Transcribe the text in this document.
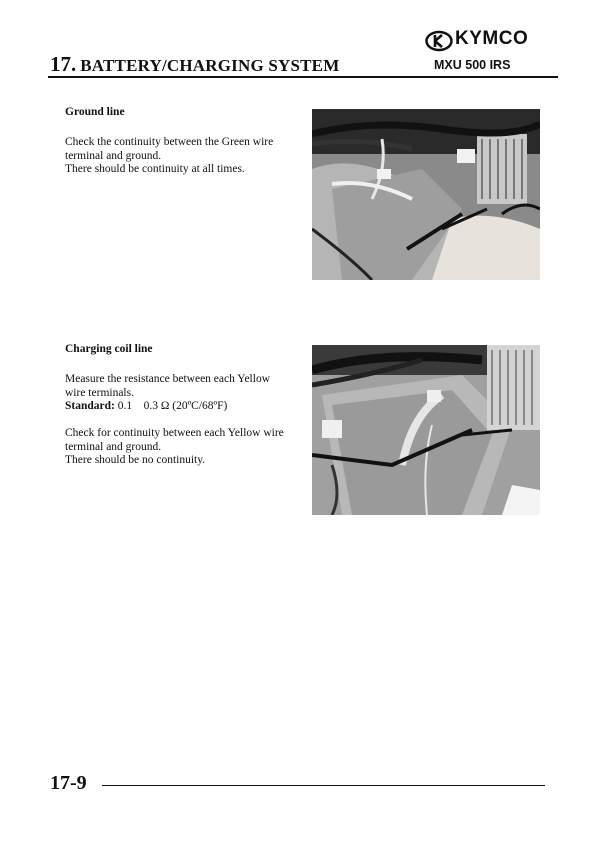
KYMCO
17. BATTERY/CHARGING SYSTEM	MXU 500 IRS
Ground line

Check the continuity between the Green wire terminal and ground.

There should be continuity at all times.

Charging coil line

Measure the resistance between each Yellow wire terminals.

Standard: 0.1    0.3 Ω (20ºC/68ºF)

Check for continuity between each Yellow wire terminal and ground.

There should be no continuity.

17-9
